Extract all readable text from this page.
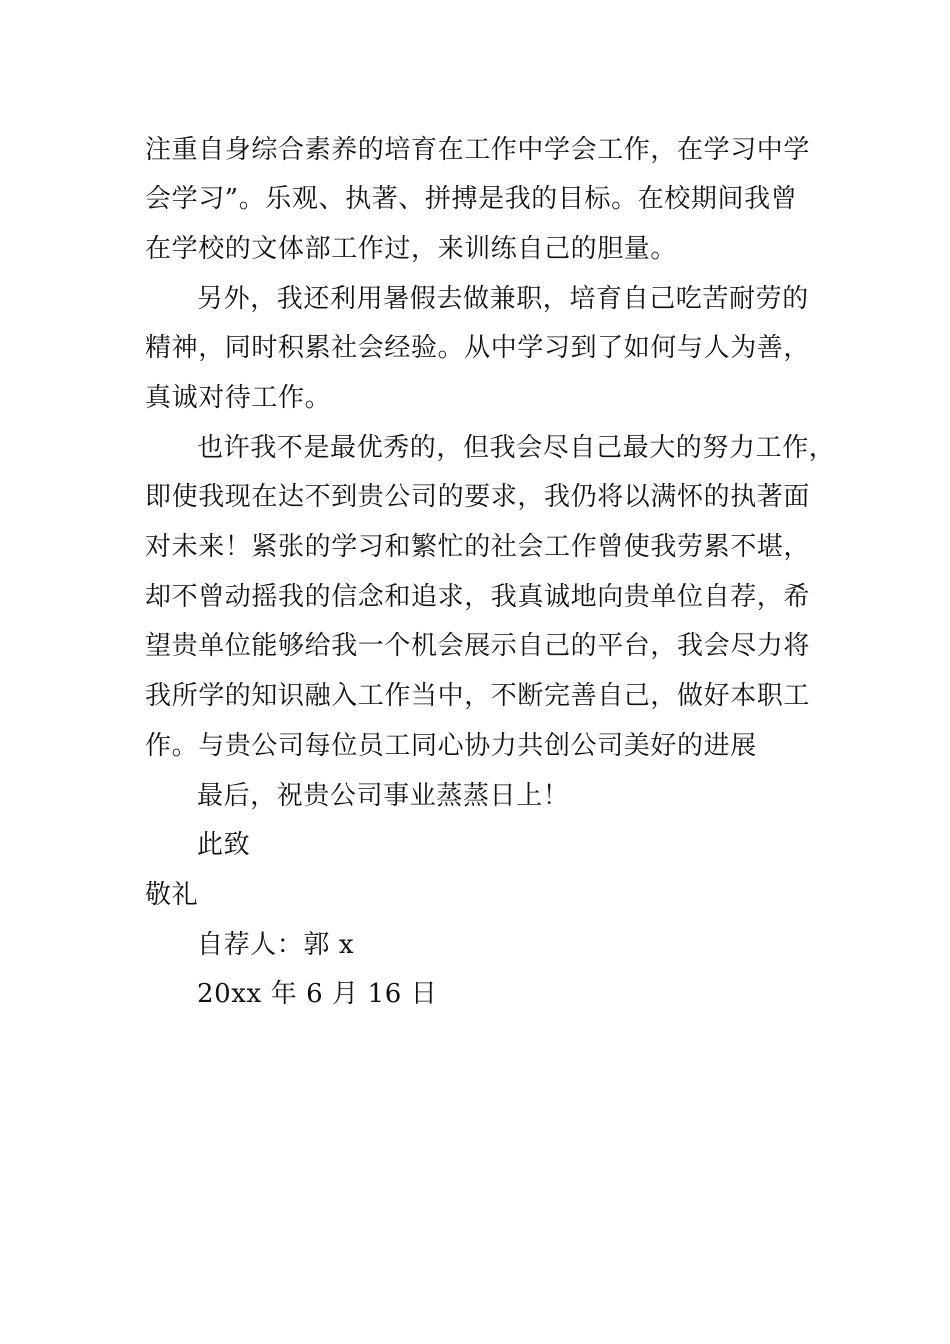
注重自身综合素养的培育在工作中学会工作，在学习中学
会学习”。乐观、执著、拼搏是我的目标。在校期间我曾
在学校的文体部工作过，来训练自己的胆量。
另外，我还利用暑假去做兼职，培育自己吃苦耐劳的
精神，同时积累社会经验。从中学习到了如何与人为善，
真诚对待工作。
也许我不是最优秀的，但我会尽自己最大的努力工作，
即使我现在达不到贵公司的要求，我仍将以满怀的执著面
对未来！紧张的学习和繁忙的社会工作曾使我劳累不堪，
却不曾动摇我的信念和追求，我真诚地向贵单位自荐，希
望贵单位能够给我一个机会展示自己的平台，我会尽力将
我所学的知识融入工作当中，不断完善自己，做好本职工
作。与贵公司每位员工同心协力共创公司美好的进展
最后，祝贵公司事业蒸蒸日上！
此致
敬礼
自荐人：郭 x
20xx 年 6 月 16 日
